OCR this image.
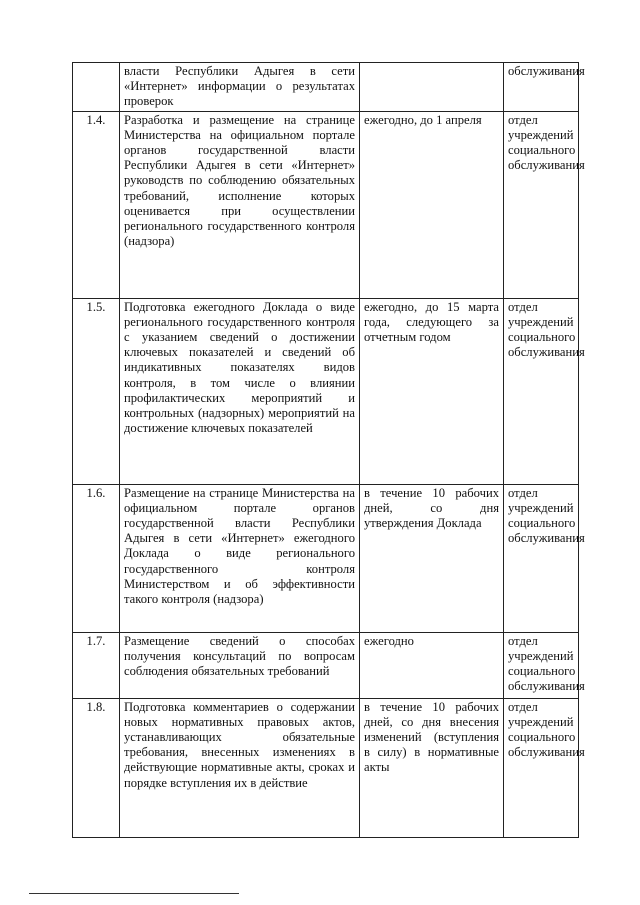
	власти Республики Адыгея в сети «Интернет» информации о результатах проверок		обслуживания
1.4.	Разработка и размещение на странице Министерства на официальном портале органов государственной власти Республики Адыгея в сети «Интернет» руководств по соблюдению обязательных требований, исполнение которых оценивается при осуществлении регионального государственного контроля (надзора)	ежегодно, до 1 апреля	отдел учреждений социального обслуживания
1.5.	Подготовка ежегодного Доклада о виде регионального государственного контроля с указанием сведений о достижении ключевых показателей и сведений об индикативных показателях видов контроля, в том числе о влиянии профилактических мероприятий и контрольных (надзорных) мероприятий на достижение ключевых показателей	ежегодно, до 15 марта года, следующего за отчетным годом	отдел учреждений социального обслуживания
1.6.	Размещение на странице Министерства на официальном портале органов государственной власти Республики Адыгея в сети «Интернет» ежегодного Доклада о виде регионального государственного контроля Министерством и об эффективности такого контроля (надзора)	в течение 10 рабочих дней, со дня утверждения Доклада	отдел учреждений социального обслуживания
1.7.	Размещение сведений о способах получения консультаций по вопросам соблюдения обязательных требований	ежегодно	отдел учреждений социального обслуживания
1.8.	Подготовка комментариев о содержании новых нормативных правовых актов, устанавливающих обязательные требования, внесенных изменениях в действующие нормативные акты, сроках и порядке вступления их в действие	в течение 10 рабочих дней, со дня внесения изменений (вступления в силу) в нормативные акты	отдел учреждений социального обслуживания
